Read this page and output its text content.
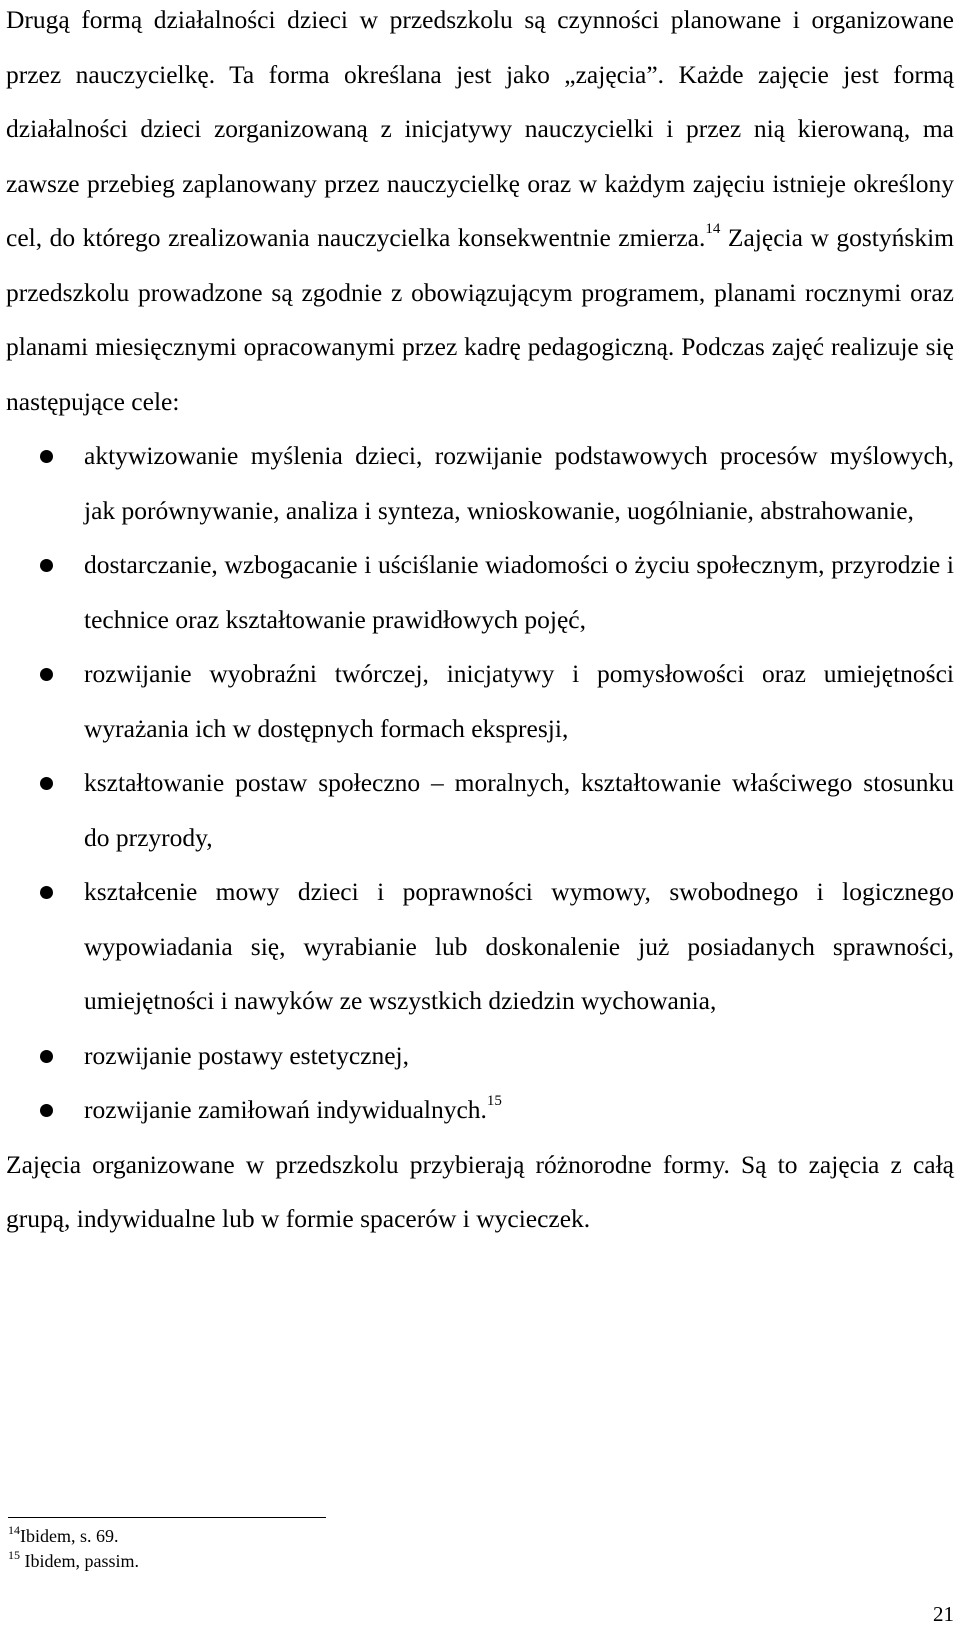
Drugą formą działalności dzieci w przedszkolu są czynności planowane i organizowane przez nauczycielkę. Ta forma określana jest jako „zajęcia”. Każde zajęcie jest formą działalności dzieci zorganizowaną z inicjatywy nauczycielki i przez nią kierowaną, ma zawsze przebieg zaplanowany przez nauczycielkę oraz w każdym zajęciu istnieje określony cel, do którego zrealizowania nauczycielka konsekwentnie zmierza.$^{14}$ Zajęcia w gostyńskim przedszkolu prowadzone są zgodnie z obowiązującym programem, planami rocznymi oraz planami miesięcznymi opracowanymi przez kadrę pedagogiczną. Podczas zajęć realizuje się następujące cele:

aktywizowanie myślenia dzieci, rozwijanie podstawowych procesów myślowych, jak porównywanie, analiza i synteza, wnioskowanie, uogólnianie, abstrahowanie,
dostarczanie, wzbogacanie i uściślanie wiadomości o życiu społecznym, przyrodzie i technice oraz kształtowanie prawidłowych pojęć,
rozwijanie wyobraźni twórczej, inicjatywy i pomysłowości oraz umiejętności wyrażania ich w dostępnych formach ekspresji,
kształtowanie postaw społeczno – moralnych, kształtowanie właściwego stosunku do przyrody,
kształcenie mowy dzieci i poprawności wymowy, swobodnego i logicznego wypowiadania się, wyrabianie lub doskonalenie już posiadanych sprawności, umiejętności i nawyków ze wszystkich dziedzin wychowania,
rozwijanie postawy estetycznej,
rozwijanie zamiłowań indywidualnych.$^{15}$

Zajęcia organizowane w przedszkolu przybierają różnorodne formy. Są to zajęcia z całą grupą, indywidualne lub w formie spacerów i wycieczek.

$^{14}$Ibidem, s. 69.
$^{15}$ Ibidem, passim.
21
